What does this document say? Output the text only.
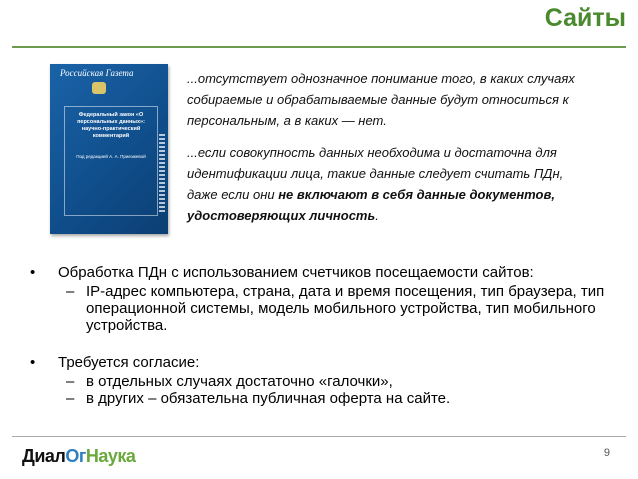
Сайты
Российская Газета
Федеральный закон «О персональных данных»: научно-практический комментарий
Под редакцией А. А. Приезжевой
...отсутствует однозначное понимание того, в каких случаях собираемые и обрабатываемые данные будут относиться к персональным, а в каких — нет.
...если совокупность данных необходима и достаточна для идентификации лица, такие данные следует считать ПДн, даже если они не включают в себя данные документов, удостоверяющих личность.
•	Обработка ПДн с использованием счетчиков посещаемости сайтов:
– IP-адрес компьютера, страна, дата и время посещения, тип браузера, тип операционной системы, модель мобильного устройства, тип мобильного устройства.
•	Требуется согласие:
– в отдельных случаях достаточно «галочки»,
– в других – обязательна публичная оферта на сайте.
ДиалОгНаука	9
